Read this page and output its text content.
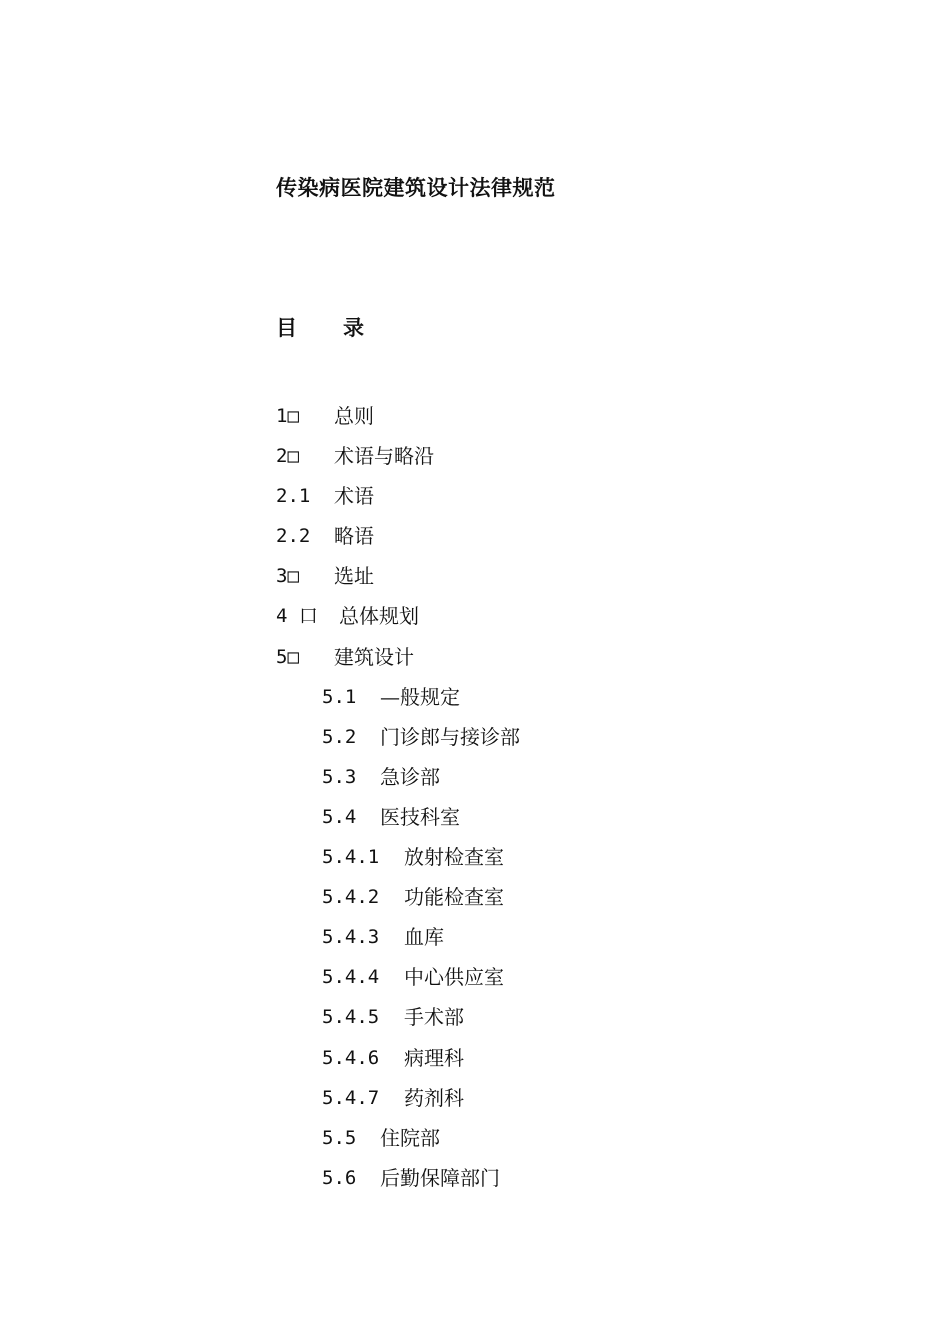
传染病医院建筑设计法律规范
目 录
1□	总则
2□	术语与略沿
2.1	术语
2.2	略语
3□	选址
4 口	总体规划
5□	建筑设计
5.1	—般规定
5.2	门诊郎与接诊部
5.3	急诊部
5.4	医技科室
5.4.1	放射检查室
5.4.2	功能检查室
5.4.3	血库
5.4.4	中心供应室
5.4.5	手术部
5.4.6	病理科
5.4.7	药剂科
5.5	住院部
5.6	后勤保障部门
